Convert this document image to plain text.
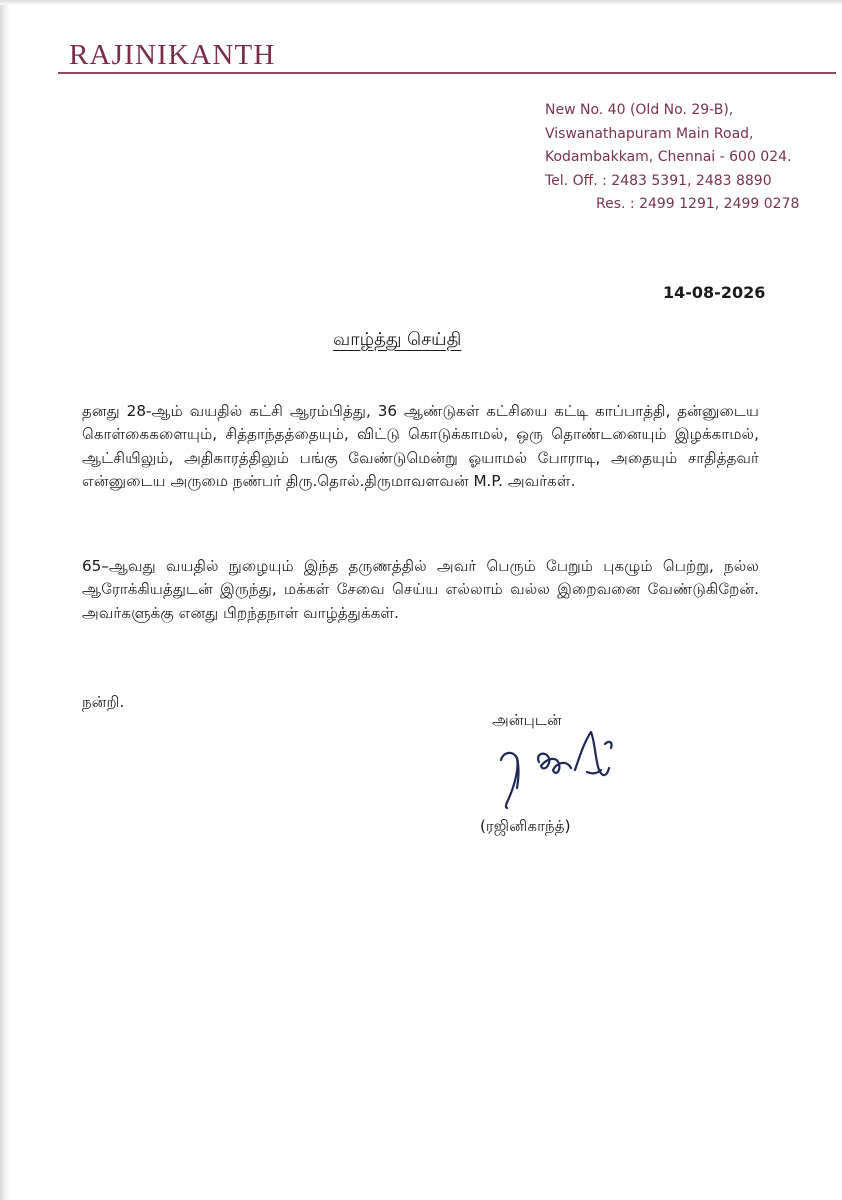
RAJINIKANTH
New No. 40 (Old No. 29-B),
Viswanathapuram Main Road,
Kodambakkam, Chennai - 600 024.
Tel. Off. : 2483 5391, 2483 8890
Res. : 2499 1291, 2499 0278
14-08-2026
வாழ்த்து செய்தி

தனது 28-ஆம் வயதில் கட்சி ஆரம்பித்து, 36 ஆண்டுகள் கட்சியை கட்டி காப்பாத்தி, தன்னுடைய கொள்கைகளையும், சித்தாந்தத்தையும், விட்டு கொடுக்காமல், ஒரு தொண்டனையும் இழக்காமல், ஆட்சியிலும், அதிகாரத்திலும் பங்கு வேண்டுமென்று ஓயாமல் போராடி, அதையும் சாதித்தவர் என்னுடைய அருமை நண்பர் திரு.தொல்.திருமாவளவன் M.P. அவர்கள்.

65–ஆவது வயதில் நுழையும் இந்த தருணத்தில் அவர் பெரும் பேறும் புகழும் பெற்று, நல்ல ஆரோக்கியத்துடன் இருந்து, மக்கள் சேவை செய்ய எல்லாம் வல்ல இறைவனை வேண்டுகிறேன். அவர்களுக்கு எனது பிறந்தநாள் வாழ்த்துக்கள்.

நன்றி.
அன்புடன்
(ரஜினிகாந்த்)
